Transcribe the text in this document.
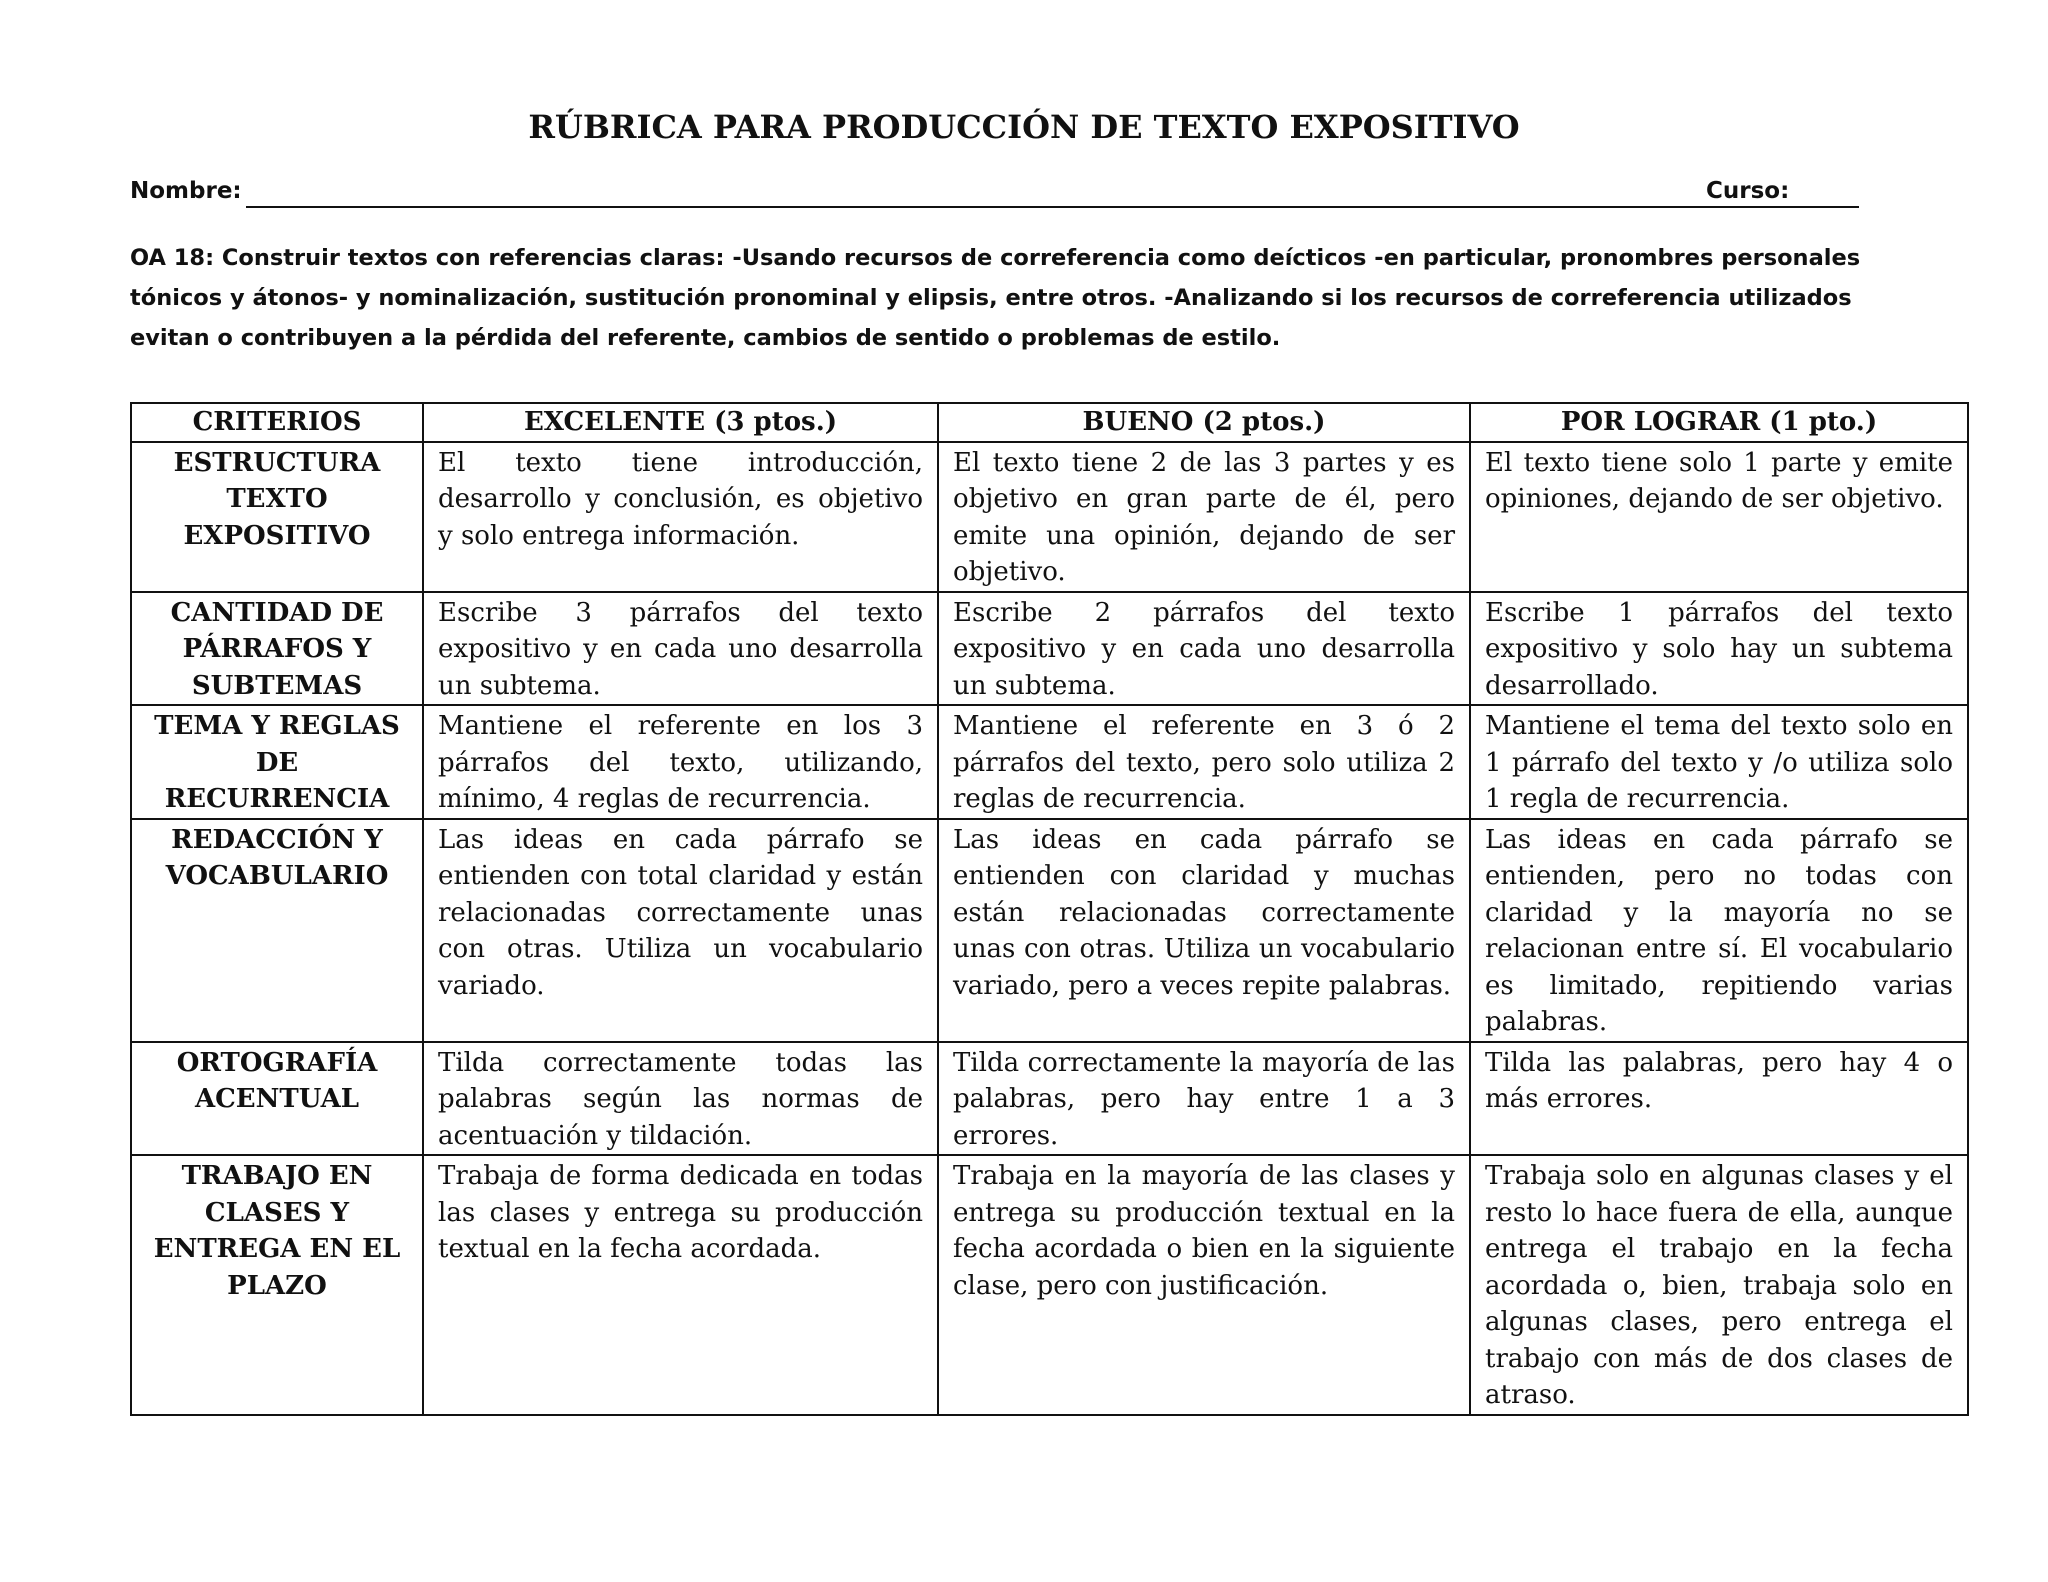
RÚBRICA PARA PRODUCCIÓN DE TEXTO EXPOSITIVO
Nombre:	Curso:
OA 18: Construir textos con referencias claras: -Usando recursos de correferencia como deícticos -en particular, pronombres personales tónicos y átonos- y nominalización, sustitución pronominal y elipsis, entre otros. -Analizando si los recursos de correferencia utilizados evitan o contribuyen a la pérdida del referente, cambios de sentido o problemas de estilo.
CRITERIOS	EXCELENTE (3 ptos.)	BUENO (2 ptos.)	POR LOGRAR (1 pto.)
ESTRUCTURA TEXTO EXPOSITIVO	El texto tiene introducción, desarrollo y conclusión, es objetivo y solo entrega información.	El texto tiene 2 de las 3 partes y es objetivo en gran parte de él, pero emite una opinión, dejando de ser objetivo.	El texto tiene solo 1 parte y emite opiniones, dejando de ser objetivo.
CANTIDAD DE PÁRRAFOS Y SUBTEMAS	Escribe 3 párrafos del texto expositivo y en cada uno desarrolla un subtema.	Escribe 2 párrafos del texto expositivo y en cada uno desarrolla un subtema.	Escribe 1 párrafos del texto expositivo y solo hay un subtema desarrollado.
TEMA Y REGLAS DE RECURRENCIA	Mantiene el referente en los 3 párrafos del texto, utilizando, mínimo, 4 reglas de recurrencia.	Mantiene el referente en 3 ó 2 párrafos del texto, pero solo utiliza 2 reglas de recurrencia.	Mantiene el tema del texto solo en 1 párrafo del texto y /o utiliza solo 1 regla de recurrencia.
REDACCIÓN Y VOCABULARIO	Las ideas en cada párrafo se entienden con total claridad y están relacionadas correctamente unas con otras. Utiliza un vocabulario variado.	Las ideas en cada párrafo se entienden con claridad y muchas están relacionadas correctamente unas con otras. Utiliza un vocabulario variado, pero a veces repite palabras.	Las ideas en cada párrafo se entienden, pero no todas con claridad y la mayoría no se relacionan entre sí. El vocabulario es limitado, repitiendo varias palabras.
ORTOGRAFÍA ACENTUAL	Tilda correctamente todas las palabras según las normas de acentuación y tildación.	Tilda correctamente la mayoría de las palabras, pero hay entre 1 a 3 errores.	Tilda las palabras, pero hay 4 o más errores.
TRABAJO EN CLASES Y ENTREGA EN EL PLAZO	Trabaja de forma dedicada en todas las clases y entrega su producción textual en la fecha acordada.	Trabaja en la mayoría de las clases y entrega su producción textual en la fecha acordada o bien en la siguiente clase, pero con justificación.	Trabaja solo en algunas clases y el resto lo hace fuera de ella, aunque entrega el trabajo en la fecha acordada o, bien, trabaja solo en algunas clases, pero entrega el trabajo con más de dos clases de atraso.
